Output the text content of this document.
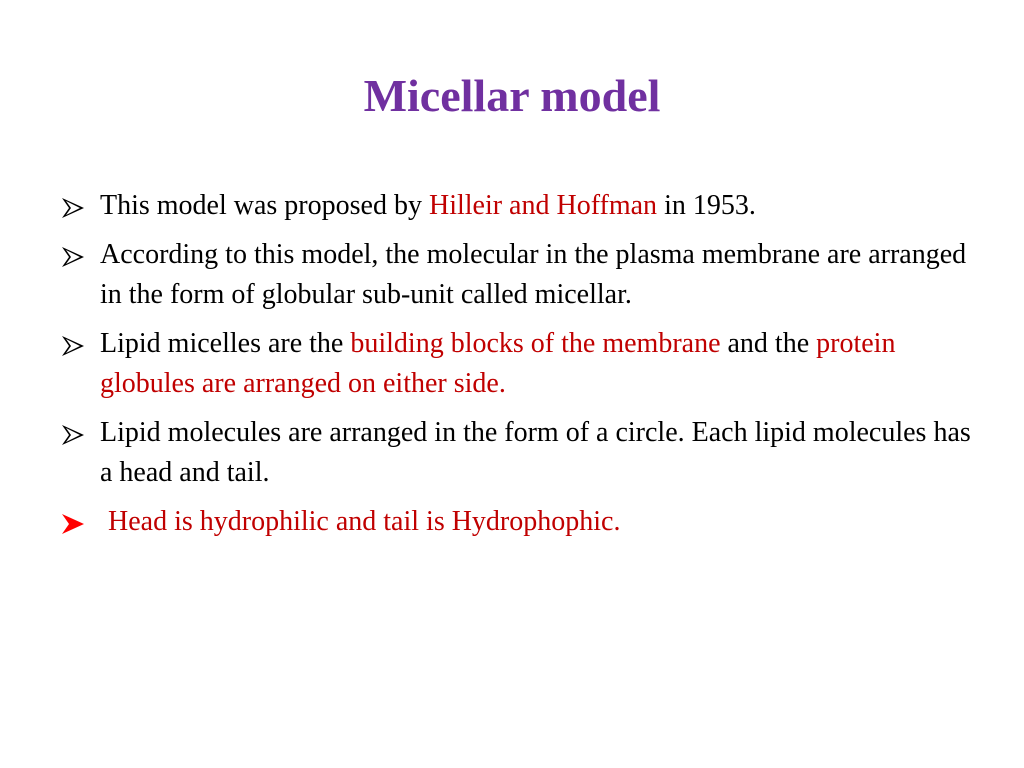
Micellar model
This model was proposed by Hilleir and Hoffman in 1953.
According to this model, the molecular in the plasma membrane are arranged in the form of globular sub-unit called micellar.
Lipid micelles are the building blocks of the membrane and the protein globules are arranged on either side.
Lipid molecules are arranged in the form of a circle. Each lipid molecules has a head and tail.
Head is hydrophilic and tail is Hydrophophic.
